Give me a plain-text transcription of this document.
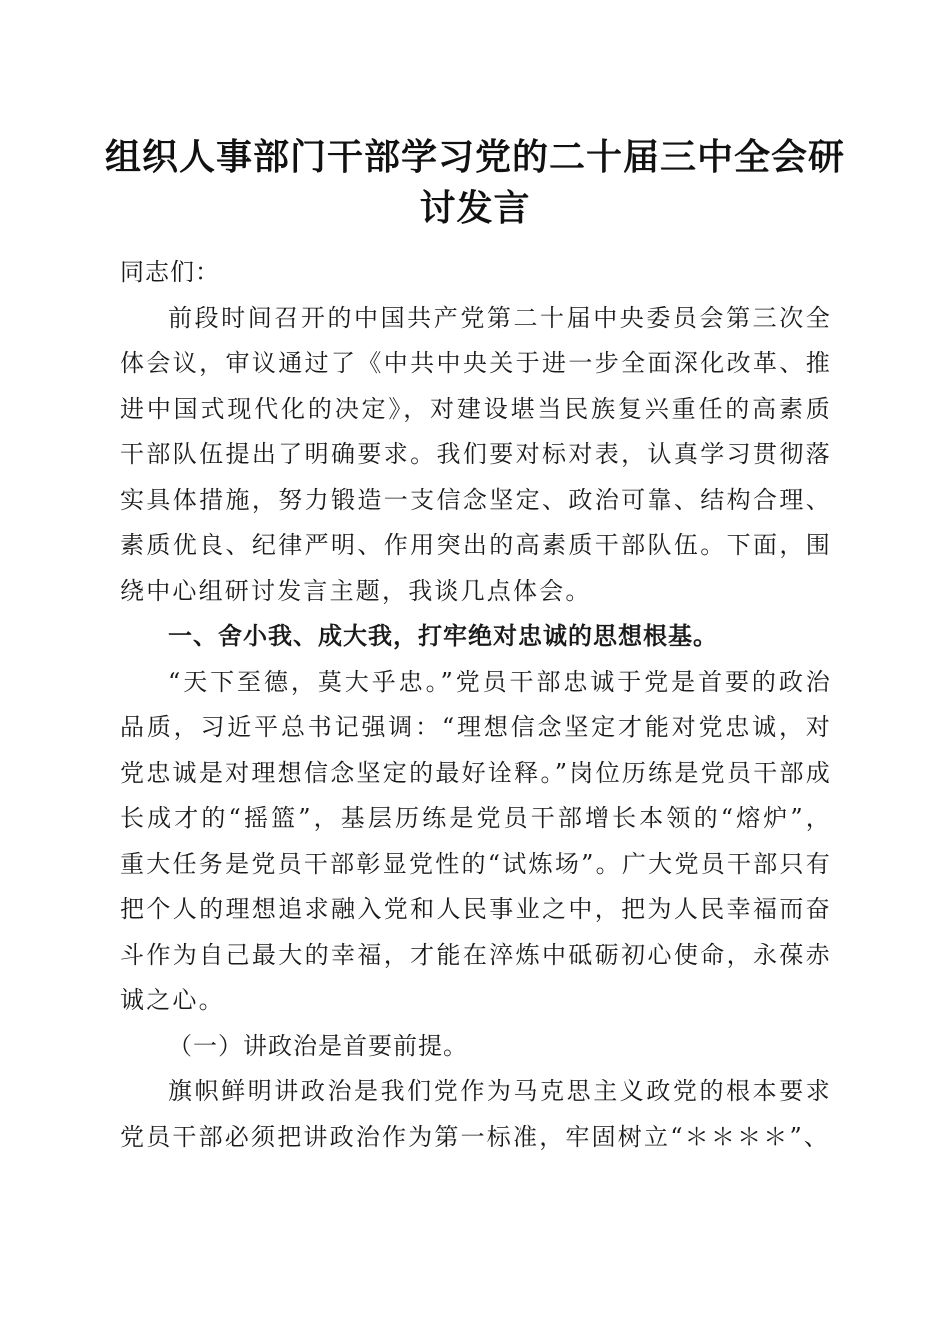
组织人事部门干部学习党的二十届三中全会研讨发言

同志们：

前段时间召开的中国共产党第二十届中央委员会第三次全体会议，审议通过了《中共中央关于进一步全面深化改革、推进中国式现代化的决定》，对建设堪当民族复兴重任的高素质干部队伍提出了明确要求。我们要对标对表，认真学习贯彻落实具体措施，努力锻造一支信念坚定、政治可靠、结构合理、素质优良、纪律严明、作用突出的高素质干部队伍。下面，围绕中心组研讨发言主题，我谈几点体会。

一、舍小我、成大我，打牢绝对忠诚的思想根基。

“天下至德，莫大乎忠。”党员干部忠诚于党是首要的政治品质，习近平总书记强调：“理想信念坚定才能对党忠诚，对党忠诚是对理想信念坚定的最好诠释。”岗位历练是党员干部成长成才的“摇篮”，基层历练是党员干部增长本领的“熔炉”，重大任务是党员干部彰显党性的“试炼场”。广大党员干部只有把个人的理想追求融入党和人民事业之中，把为人民幸福而奋斗作为自己最大的幸福，才能在淬炼中砥砺初心使命，永葆赤诚之心。

（一）讲政治是首要前提。

旗帜鲜明讲政治是我们党作为马克思主义政党的根本要求党员干部必须把讲政治作为第一标准，牢固树立“＊＊＊＊”、
